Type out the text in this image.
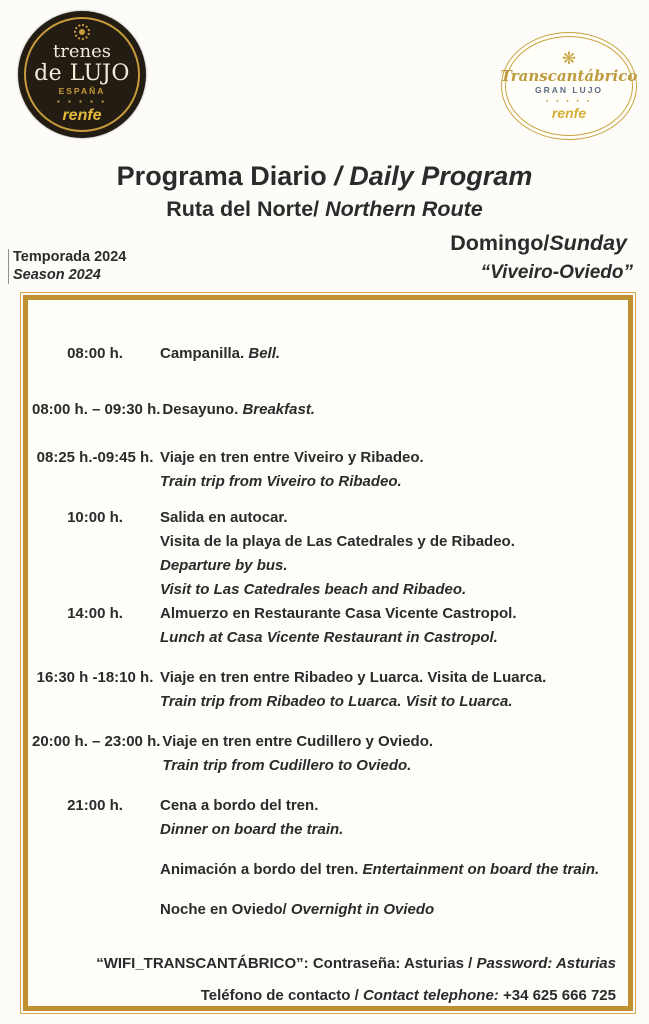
trenes
de LUJO
ESPAÑA
▪ ▪ ▪ ▪ ▪
renfe
❋
Transcantábrico
GRAN LUJO
▪ ▪ ▪ ▪ ▪
renfe
Programa Diario / Daily Program
Ruta del Norte/ Northern Route
Domingo/Sunday
“Viveiro-Oviedo”
Temporada 2024
Season 2024
08:00 h. Campanilla. Bell.
08:00 h. – 09:30 h. Desayuno. Breakfast.
08:25 h.-09:45 h. Viaje en tren entre Viveiro y Ribadeo.
Train trip from Viveiro to Ribadeo.
10:00 h. Salida en autocar.
Visita de la playa de Las Catedrales y de Ribadeo.
Departure by bus.
Visit to Las Catedrales beach and Ribadeo.
14:00 h. Almuerzo en Restaurante Casa Vicente Castropol.
Lunch at Casa Vicente Restaurant in Castropol.
16:30 h -18:10 h. Viaje en tren entre Ribadeo y Luarca. Visita de Luarca.
Train trip from Ribadeo to Luarca. Visit to Luarca.
20:00 h. – 23:00 h. Viaje en tren entre Cudillero y Oviedo.
Train trip from Cudillero to Oviedo.
21:00 h. Cena a bordo del tren.
Dinner on board the train.
Animación a bordo del tren. Entertainment on board the train.
Noche en Oviedo/ Overnight in Oviedo
“WIFI_TRANSCANTÁBRICO”: Contraseña: Asturias / Password: Asturias
Teléfono de contacto / Contact telephone: +34 625 666 725
